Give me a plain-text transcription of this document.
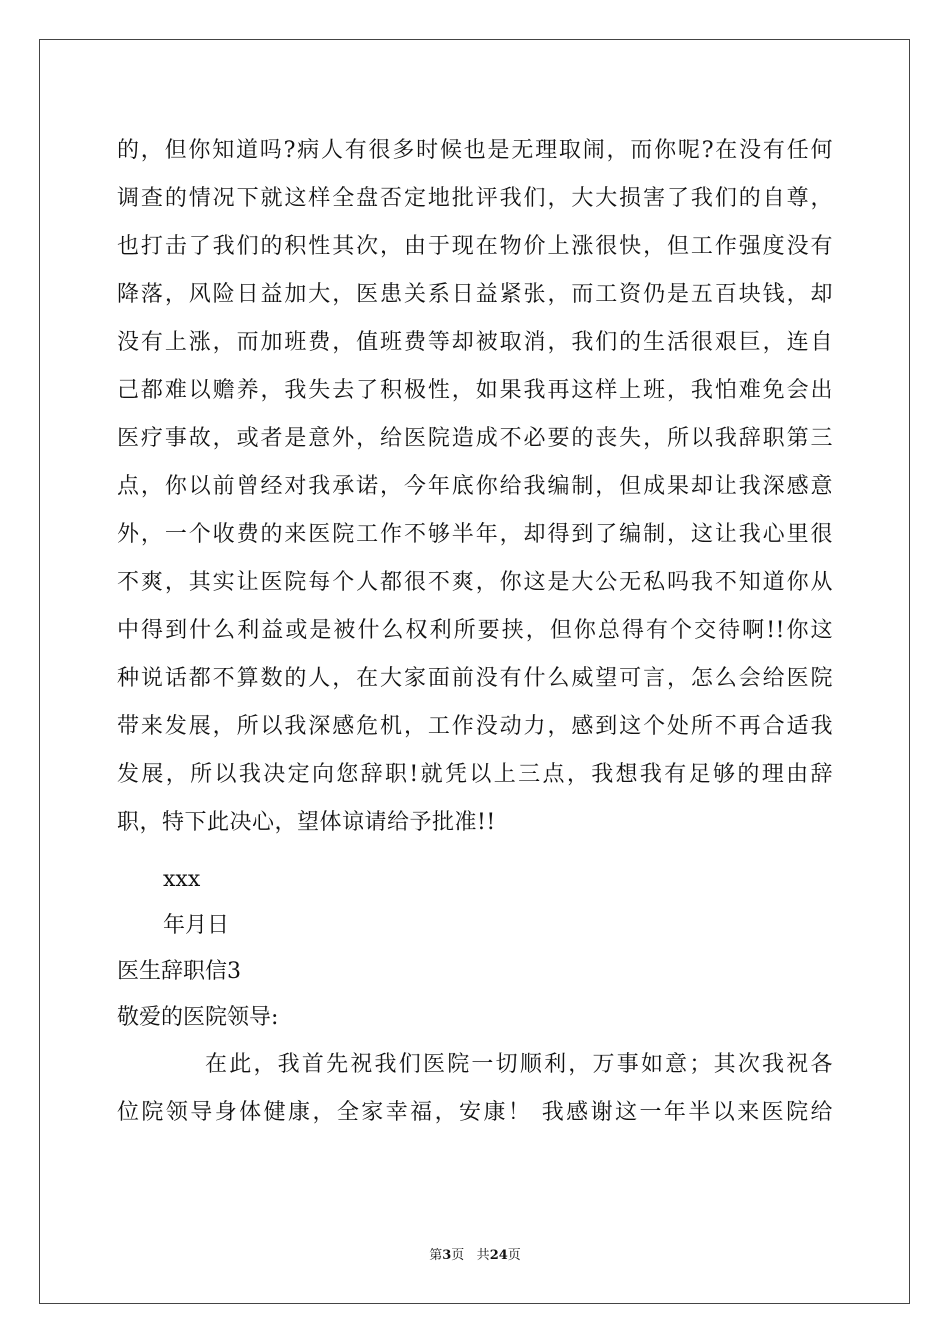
的，但你知道吗?病人有很多时候也是无理取闹，而你呢?在没有任何
调查的情况下就这样全盘否定地批评我们，大大损害了我们的自尊，
也打击了我们的积性其次，由于现在物价上涨很快，但工作强度没有
降落，风险日益加大，医患关系日益紧张，而工资仍是五百块钱，却
没有上涨，而加班费，值班费等却被取消，我们的生活很艰巨，连自
己都难以赡养，我失去了积极性，如果我再这样上班，我怕难免会出
医疗事故，或者是意外，给医院造成不必要的丧失，所以我辞职第三
点，你以前曾经对我承诺，今年底你给我编制，但成果却让我深感意
外，一个收费的来医院工作不够半年，却得到了编制，这让我心里很
不爽，其实让医院每个人都很不爽，你这是大公无私吗我不知道你从
中得到什么利益或是被什么权利所要挟，但你总得有个交待啊!!你这
种说话都不算数的人，在大家面前没有什么威望可言，怎么会给医院
带来发展，所以我深感危机，工作没动力，感到这个处所不再合适我
发展，所以我决定向您辞职!就凭以上三点，我想我有足够的理由辞
职，特下此决心，望体谅请给予批准!!
xxx
年月日
医生辞职信3
敬爱的医院领导:
在此，我首先祝我们医院一切顺利，万事如意；其次我祝各
位院领导身体健康，全家幸福，安康！ 我感谢这一年半以来医院给
第3页 共24页
